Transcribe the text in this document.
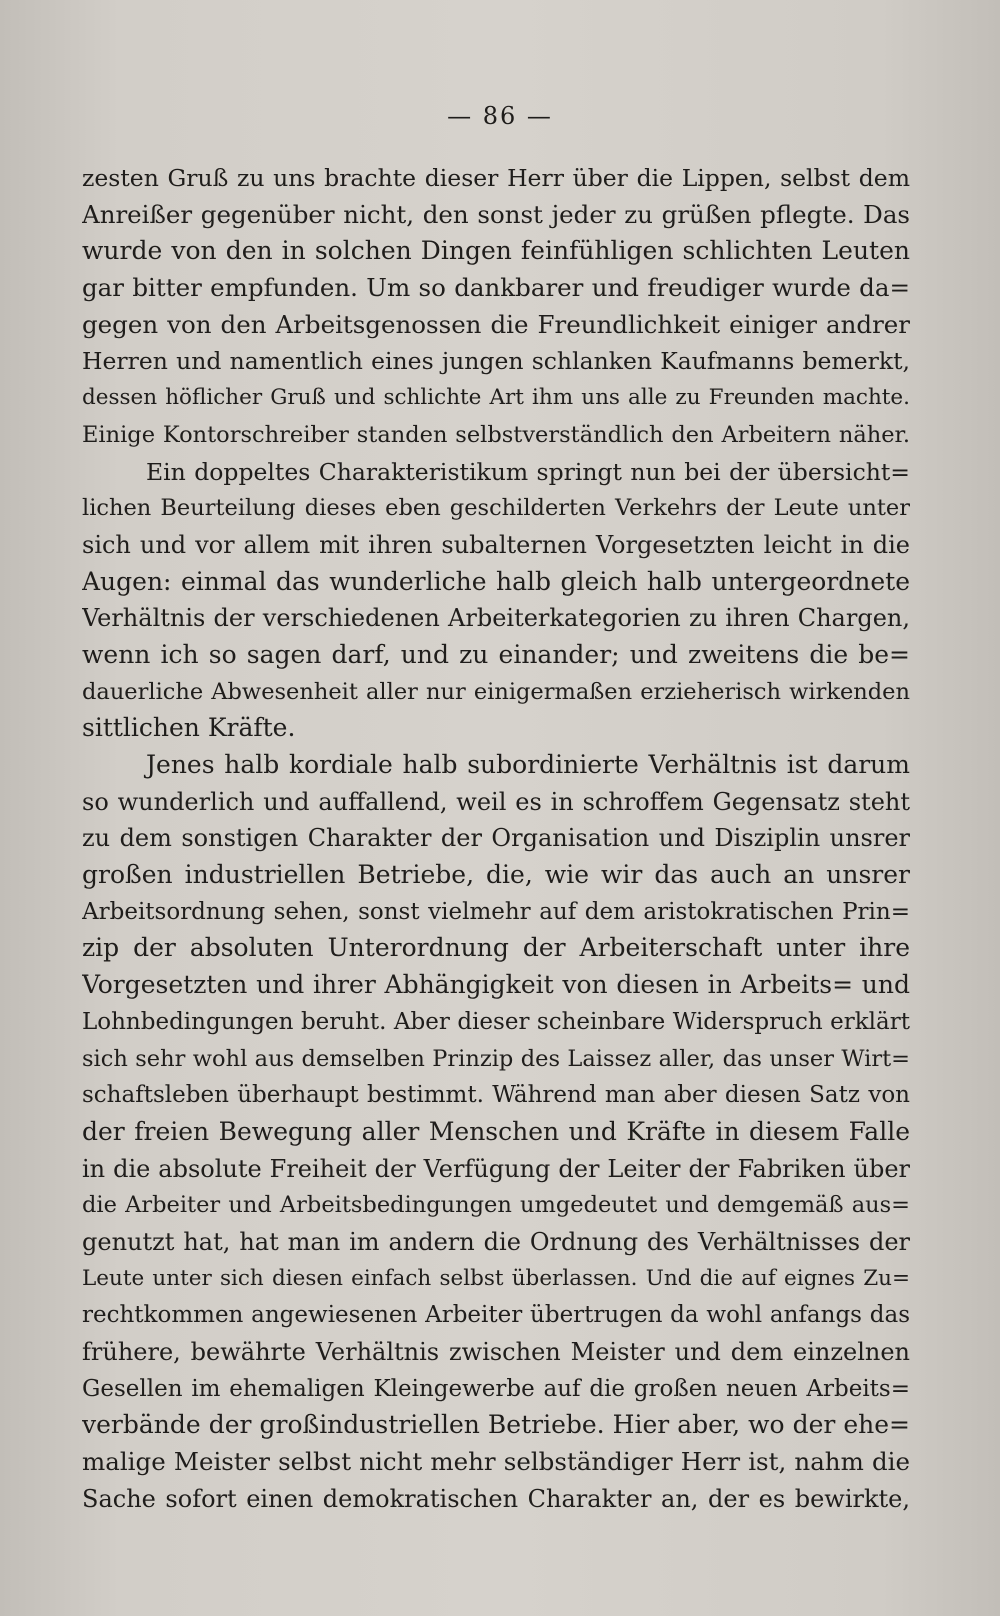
— 86 —
zesten Gruß zu uns brachte dieser Herr über die Lippen, selbst dem
Anreißer gegenüber nicht, den sonst jeder zu grüßen pflegte. Das
wurde von den in solchen Dingen feinfühligen schlichten Leuten
gar bitter empfunden. Um so dankbarer und freudiger wurde da=
gegen von den Arbeitsgenossen die Freundlichkeit einiger andrer
Herren und namentlich eines jungen schlanken Kaufmanns bemerkt,
dessen höflicher Gruß und schlichte Art ihm uns alle zu Freunden machte.
Einige Kontorschreiber standen selbstverständlich den Arbeitern näher.
Ein doppeltes Charakteristikum springt nun bei der übersicht=
lichen Beurteilung dieses eben geschilderten Verkehrs der Leute unter
sich und vor allem mit ihren subalternen Vorgesetzten leicht in die
Augen: einmal das wunderliche halb gleich halb untergeordnete
Verhältnis der verschiedenen Arbeiterkategorien zu ihren Chargen,
wenn ich so sagen darf, und zu einander; und zweitens die be=
dauerliche Abwesenheit aller nur einigermaßen erzieherisch wirkenden
sittlichen Kräfte.
Jenes halb kordiale halb subordinierte Verhältnis ist darum
so wunderlich und auffallend, weil es in schroffem Gegensatz steht
zu dem sonstigen Charakter der Organisation und Disziplin unsrer
großen industriellen Betriebe, die, wie wir das auch an unsrer
Arbeitsordnung sehen, sonst vielmehr auf dem aristokratischen Prin=
zip der absoluten Unterordnung der Arbeiterschaft unter ihre
Vorgesetzten und ihrer Abhängigkeit von diesen in Arbeits= und
Lohnbedingungen beruht. Aber dieser scheinbare Widerspruch erklärt
sich sehr wohl aus demselben Prinzip des Laissez aller, das unser Wirt=
schaftsleben überhaupt bestimmt. Während man aber diesen Satz von
der freien Bewegung aller Menschen und Kräfte in diesem Falle
in die absolute Freiheit der Verfügung der Leiter der Fabriken über
die Arbeiter und Arbeitsbedingungen umgedeutet und demgemäß aus=
genutzt hat, hat man im andern die Ordnung des Verhältnisses der
Leute unter sich diesen einfach selbst überlassen. Und die auf eignes Zu=
rechtkommen angewiesenen Arbeiter übertrugen da wohl anfangs das
frühere, bewährte Verhältnis zwischen Meister und dem einzelnen
Gesellen im ehemaligen Kleingewerbe auf die großen neuen Arbeits=
verbände der großindustriellen Betriebe. Hier aber, wo der ehe=
malige Meister selbst nicht mehr selbständiger Herr ist, nahm die
Sache sofort einen demokratischen Charakter an, der es bewirkte,
